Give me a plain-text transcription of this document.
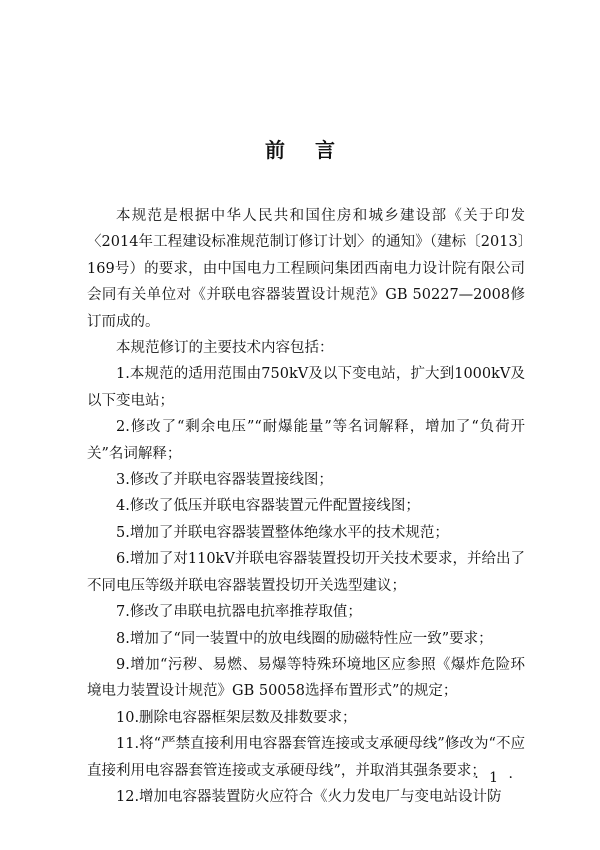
前言

本规范是根据中华人民共和国住房和城乡建设部《关于印发〈2014年工程建设标准规范制订修订计划〉的通知》（建标〔2013〕169号）的要求，由中国电力工程顾问集团西南电力设计院有限公司会同有关单位对《并联电容器装置设计规范》GB 50227—2008修订而成的。

本规范修订的主要技术内容包括：

1.本规范的适用范围由750kV及以下变电站，扩大到1000kV及以下变电站；

2.修改了“剩余电压”“耐爆能量”等名词解释，增加了“负荷开关”名词解释；

3.修改了并联电容器装置接线图；

4.修改了低压并联电容器装置元件配置接线图；

5.增加了并联电容器装置整体绝缘水平的技术规范；

6.增加了对110kV并联电容器装置投切开关技术要求，并给出了不同电压等级并联电容器装置投切开关选型建议；

7.修改了串联电抗器电抗率推荐取值；

8.增加了“同一装置中的放电线圈的励磁特性应一致”要求；

9.增加“污秽、易燃、易爆等特殊环境地区应参照《爆炸危险环境电力装置设计规范》GB 50058选择布置形式”的规定；

10.删除电容器框架层数及排数要求；

11.将“严禁直接利用电容器套管连接或支承硬母线”修改为“不应直接利用电容器套管连接或支承硬母线”，并取消其强条要求；

12.增加电容器装置防火应符合《火力发电厂与变电站设计防

· 1 ·
